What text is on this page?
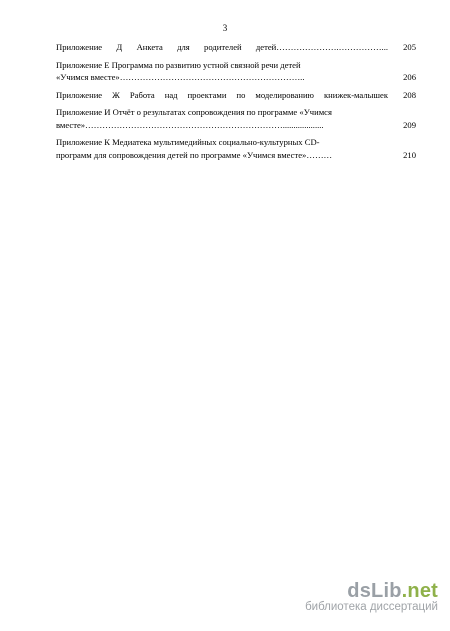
3
Приложение Д Анкета для родителей детей………………….……………...	205
Приложение Е Программа по развитию устной связной речи детей
«Учимся вместе»………………………………………………………..	206
Приложение Ж Работа над проектами по моделированию книжек-малышек	208
Приложение И Отчёт о результатах сопровождения по программе «Учимся
вместе»……………………………………………………………...................	209
Приложение К Медиатека мультимедийных социально-культурных CD-
программ для сопровождения детей по программе «Учимся вместе»………	210
dsLib.net
библиотека диссертаций
